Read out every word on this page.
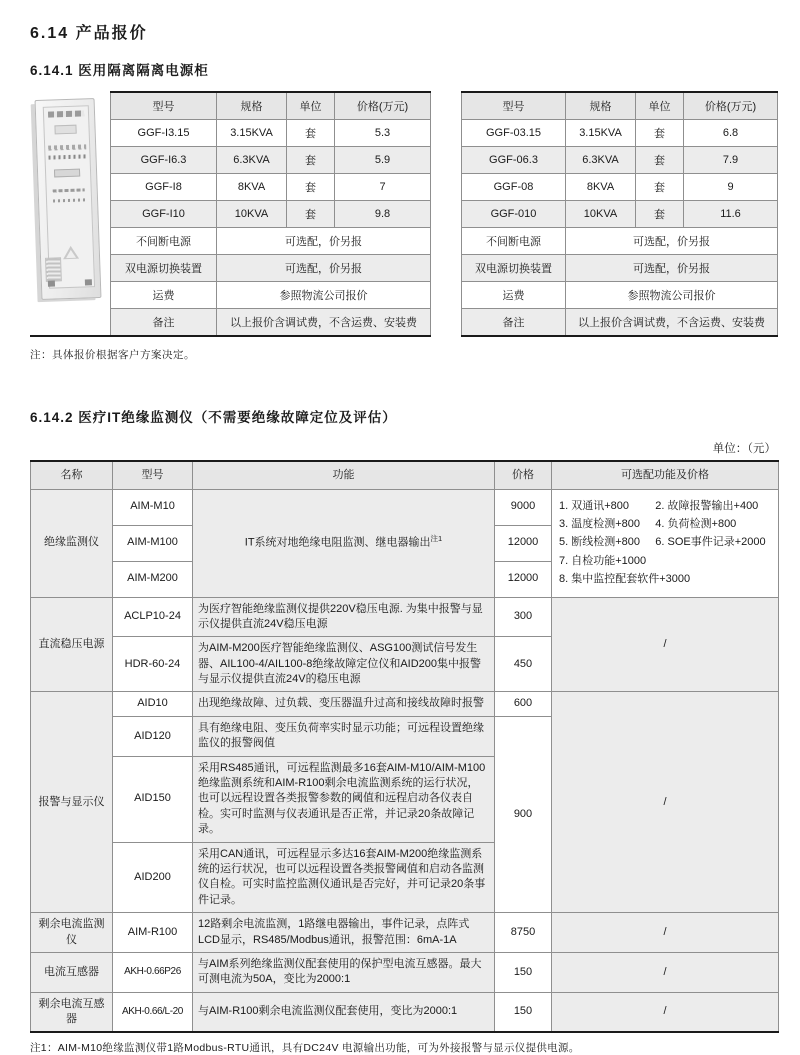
6.14 产品报价
6.14.1 医用隔离隔离电源柜
型号	规格	单位	价格(万元)
GGF-I3.15	3.15KVA	套	5.3
GGF-I6.3	6.3KVA	套	5.9
GGF-I8	8KVA	套	7
GGF-I10	10KVA	套	9.8
不间断电源	可选配，价另报		
双电源切换装置	可选配，价另报		
运费	参照物流公司报价		
备注	以上报价含调试费，不含运费、安装费		
型号	规格	单位	价格(万元)
GGF-03.15	3.15KVA	套	6.8
GGF-06.3	6.3KVA	套	7.9
GGF-08	8KVA	套	9
GGF-010	10KVA	套	11.6
不间断电源	可选配，价另报		
双电源切换装置	可选配，价另报		
运费	参照物流公司报价		
备注	以上报价含调试费，不含运费、安装费		
注：具体报价根据客户方案决定。
6.14.2 医疗IT绝缘监测仪（不需要绝缘故障定位及评估）
单位：（元）
名称	型号	功能	价格	可选配功能及价格
绝缘监测仪	AIM-M10	IT系统对地绝缘电阻监测、继电器输出$^{注1}$	9000	1. 双通讯+800	2. 故障报警输出+400
3. 温度检测+800	4. 负荷检测+800
5. 断线检测+800	6. SOE事件记录+2000
7. 自检功能+1000
8. 集中监控配套软件+3000

	AIM-M100		12000	
	AIM-M200		12000	
直流稳压电源	ACLP10-24	为医疗智能绝缘监测仪提供220V稳压电源. 为集中报警与显示仪提供直流24V稳压电源	300	/
	HDR-60-24	为AIM-M200医疗智能绝缘监测仪、ASG100测试信号发生器、AIL100-4/AIL100-8绝缘故障定位仪和AID200集中报警与显示仪提供直流24V的稳压电源	450	
报警与显示仪	AID10	出现绝缘故障、过负载、变压器温升过高和接线故障时报警	600	/
	AID120	具有绝缘电阻、变压负荷率实时显示功能；可远程设置绝缘监仪的报警阀值	900	
	AID150	采用RS485通讯，可远程监测最多16套AIM-M10/AIM-M100绝缘监测系统和AIM-R100剩余电流监测系统的运行状况，也可以远程设置各类报警参数的阈值和远程启动各仪表自检。实可时监测与仪表通讯是否正常，并记录20条故障记录。		
	AID200	采用CAN通讯，可远程显示多达16套AIM-M200绝缘监测系统的运行状况，也可以远程设置各类报警阈值和启动各监测仪自检。可实时监控监测仪通讯是否完好，并可记录20条事件记录。		
剩余电流监测仪	AIM-R100	12路剩余电流监测，1路继电器输出，事件记录，点阵式LCD显示，RS485/Modbus通讯，报警范围：6mA-1A	8750	/
电流互感器	AKH-0.66P26	与AIM系列绝缘监测仪配套使用的保护型电流互感器。最大可测电流为50A，变比为2000:1	150	/
剩余电流互感器	AKH-0.66/L-20	与AIM-R100剩余电流监测仪配套使用，变比为2000:1	150	/
注1：AIM-M10绝缘监测仪带1路Modbus-RTU通讯，具有DC24V 电源输出功能，可为外接报警与显示仪提供电源。
